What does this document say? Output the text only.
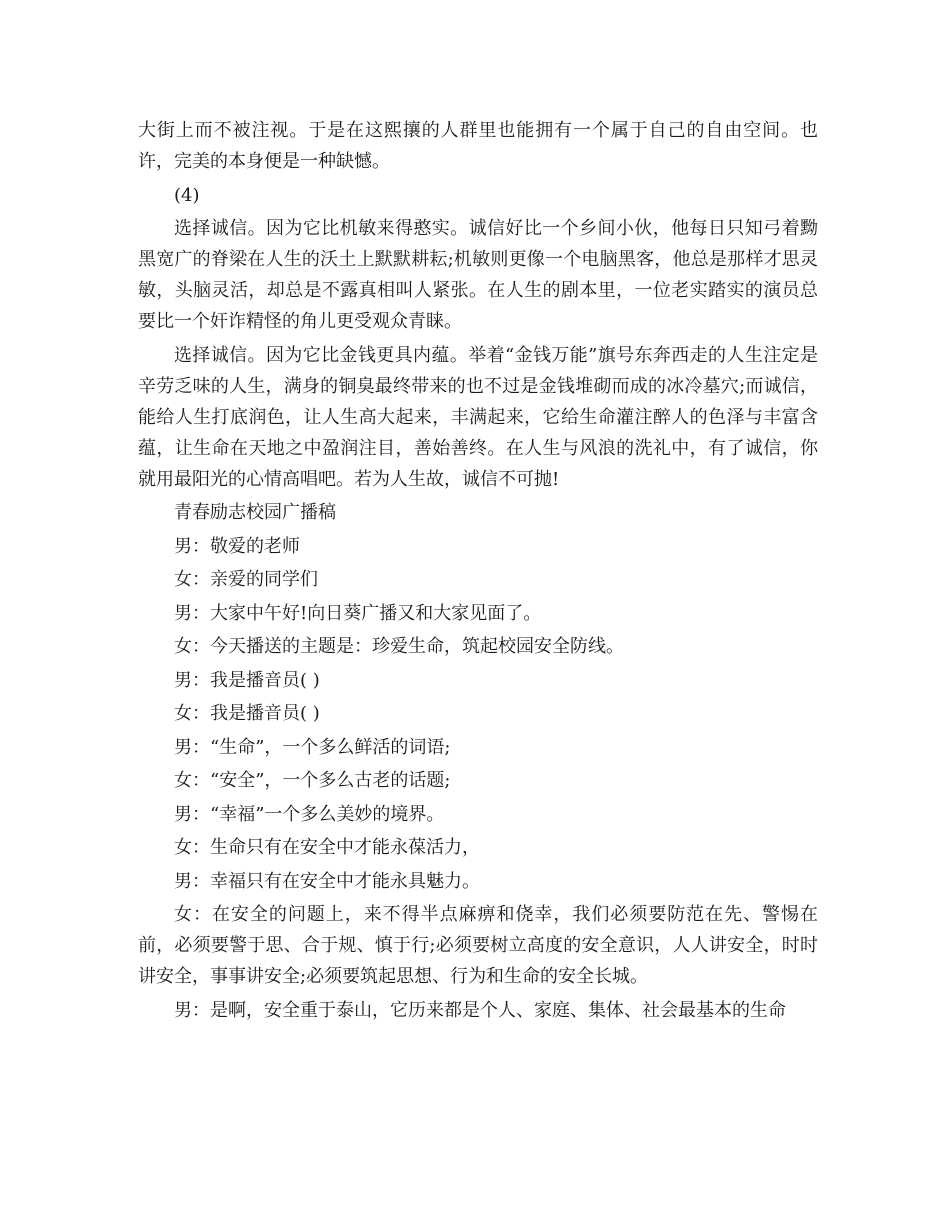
大街上而不被注视。于是在这熙攘的人群里也能拥有一个属于自己的自由空间。也许，完美的本身便是一种缺憾。

(4)

选择诚信。因为它比机敏来得憨实。诚信好比一个乡间小伙，他每日只知弓着黝黑宽广的脊梁在人生的沃土上默默耕耘;机敏则更像一个电脑黑客，他总是那样才思灵敏，头脑灵活，却总是不露真相叫人紧张。在人生的剧本里，一位老实踏实的演员总要比一个奸诈精怪的角儿更受观众青睐。

选择诚信。因为它比金钱更具内蕴。举着“金钱万能”旗号东奔西走的人生注定是辛劳乏味的人生，满身的铜臭最终带来的也不过是金钱堆砌而成的冰冷墓穴;而诚信，能给人生打底润色，让人生高大起来，丰满起来，它给生命灌注醉人的色泽与丰富含蕴，让生命在天地之中盈润注目，善始善终。在人生与风浪的洗礼中，有了诚信，你就用最阳光的心情高唱吧。若为人生故，诚信不可抛!

青春励志校园广播稿

男：敬爱的老师

女：亲爱的同学们

男：大家中午好!向日葵广播又和大家见面了。

女：今天播送的主题是：珍爱生命，筑起校园安全防线。

男：我是播音员( )

女：我是播音员( )

男：“生命”，一个多么鲜活的词语;

女：“安全”，一个多么古老的话题;

男：“幸福”一个多么美妙的境界。

女：生命只有在安全中才能永葆活力，

男：幸福只有在安全中才能永具魅力。

女：在安全的问题上，来不得半点麻痹和侥幸，我们必须要防范在先、警惕在前，必须要警于思、合于规、慎于行;必须要树立高度的安全意识，人人讲安全，时时讲安全，事事讲安全;必须要筑起思想、行为和生命的安全长城。

男：是啊，安全重于泰山，它历来都是个人、家庭、集体、社会最基本的生命
